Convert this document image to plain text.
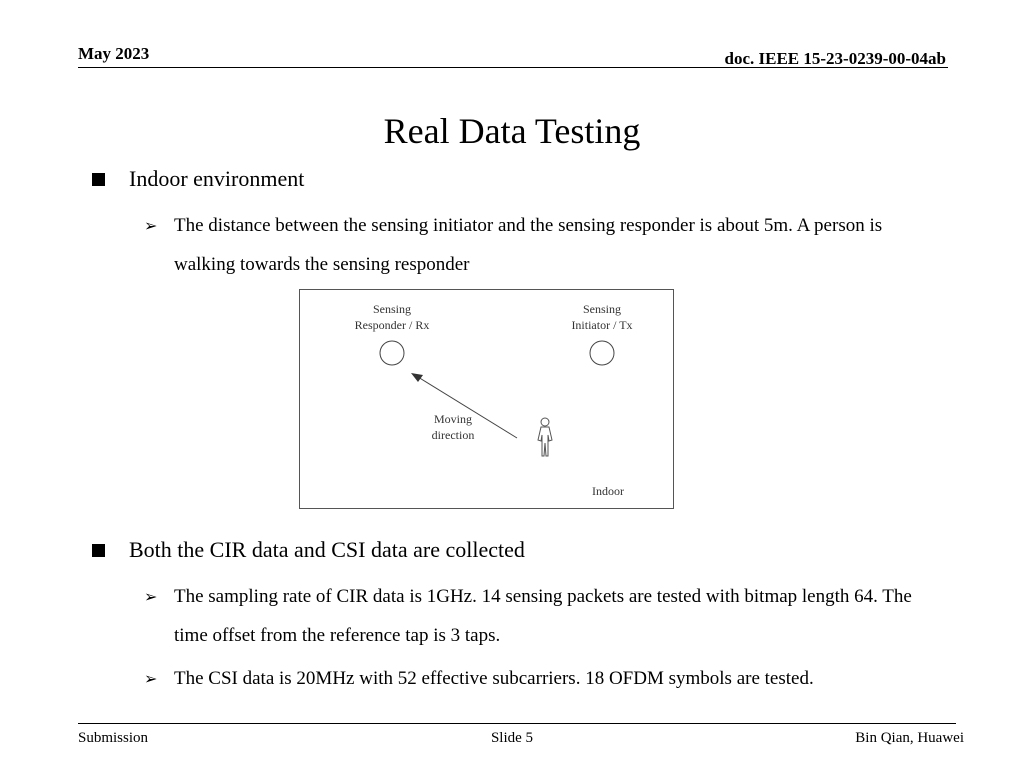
May 2023	doc. IEEE 15-23-0239-00-04ab
Real Data Testing
Indoor environment
➢ The distance between the sensing initiator and the sensing responder is about 5m. A person is walking towards the sensing responder
Sensing
Responder / Rx
Sensing
Initiator / Tx
Moving
direction
Indoor
Both the CIR data and CSI data are collected
➢ The sampling rate of CIR data is 1GHz. 14 sensing packets are tested with bitmap length 64. The time offset from the reference tap is 3 taps.
➢ The CSI data is 20MHz with 52 effective subcarriers. 18 OFDM symbols are tested.
Submission	Slide 5	Bin Qian, Huawei
